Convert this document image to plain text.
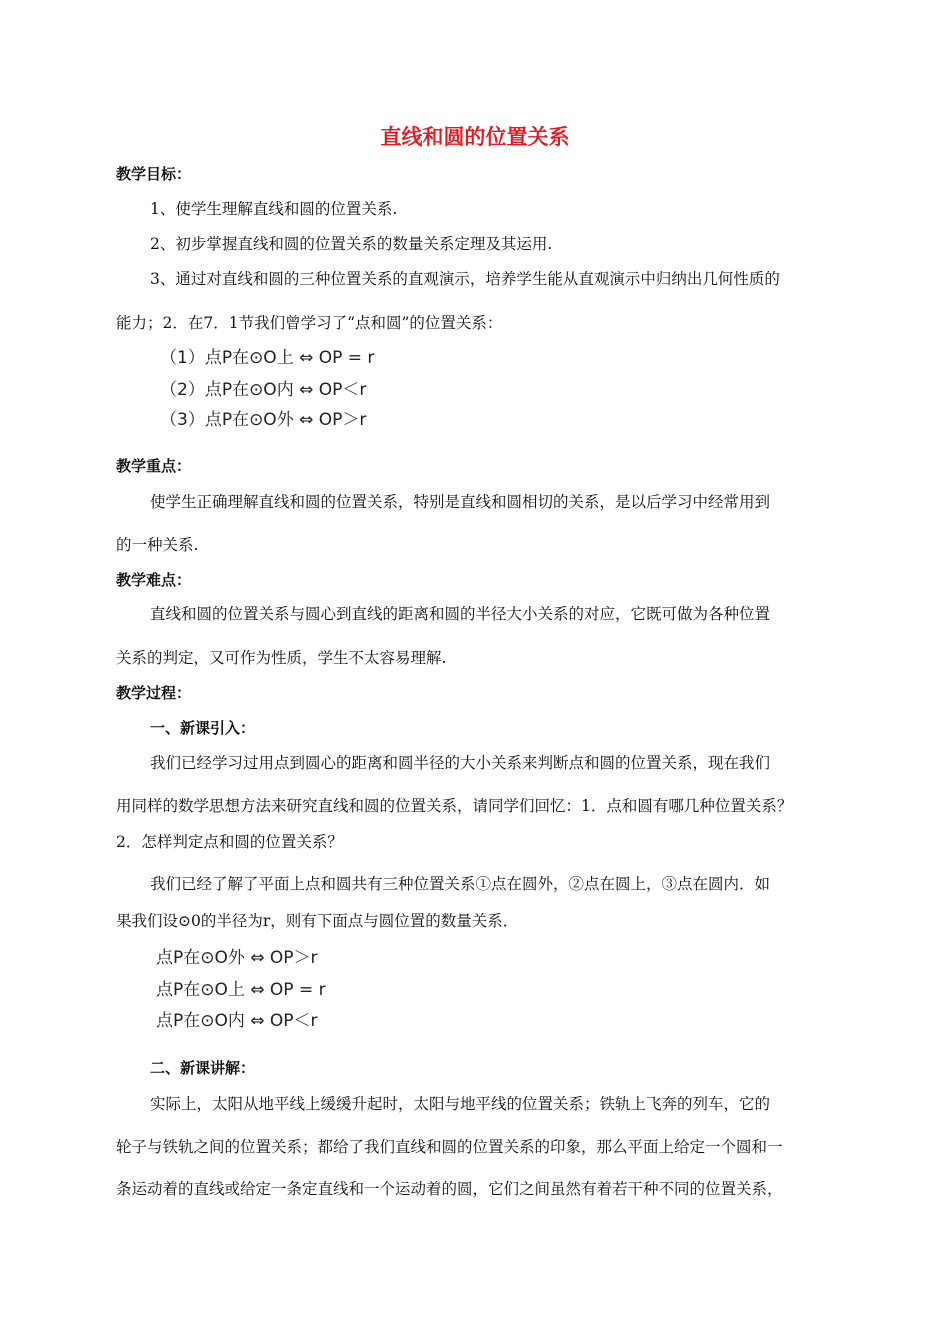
直线和圆的位置关系
教学目标：
1、使学生理解直线和圆的位置关系.
2、初步掌握直线和圆的位置关系的数量关系定理及其运用.
3、通过对直线和圆的三种位置关系的直观演示，培养学生能从直观演示中归纳出几何性质的
能力；2．在7．1节我们曾学习了“点和圆”的位置关系：
（1）点P在⊙O上 ⇔ OP = r
（2）点P在⊙O内 ⇔ OP＜r
（3）点P在⊙O外 ⇔ OP＞r
教学重点：
使学生正确理解直线和圆的位置关系，特别是直线和圆相切的关系，是以后学习中经常用到
的一种关系.
教学难点：
直线和圆的位置关系与圆心到直线的距离和圆的半径大小关系的对应，它既可做为各种位置
关系的判定，又可作为性质，学生不太容易理解.
教学过程：
一、新课引入：
我们已经学习过用点到圆心的距离和圆半径的大小关系来判断点和圆的位置关系，现在我们
用同样的数学思想方法来研究直线和圆的位置关系，请同学们回忆：1．点和圆有哪几种位置关系？
2．怎样判定点和圆的位置关系？
我们已经了解了平面上点和圆共有三种位置关系①点在圆外，②点在圆上，③点在圆内．如
果我们设⊙0的半径为r，则有下面点与圆位置的数量关系．
点P在⊙O外 ⇔ OP＞r
点P在⊙O上 ⇔ OP = r
点P在⊙O内 ⇔ OP＜r
二、新课讲解：
实际上，太阳从地平线上缓缓升起时，太阳与地平线的位置关系；铁轨上飞奔的列车，它的
轮子与铁轨之间的位置关系；都给了我们直线和圆的位置关系的印象，那么平面上给定一个圆和一
条运动着的直线或给定一条定直线和一个运动着的圆，它们之间虽然有着若干种不同的位置关系，
